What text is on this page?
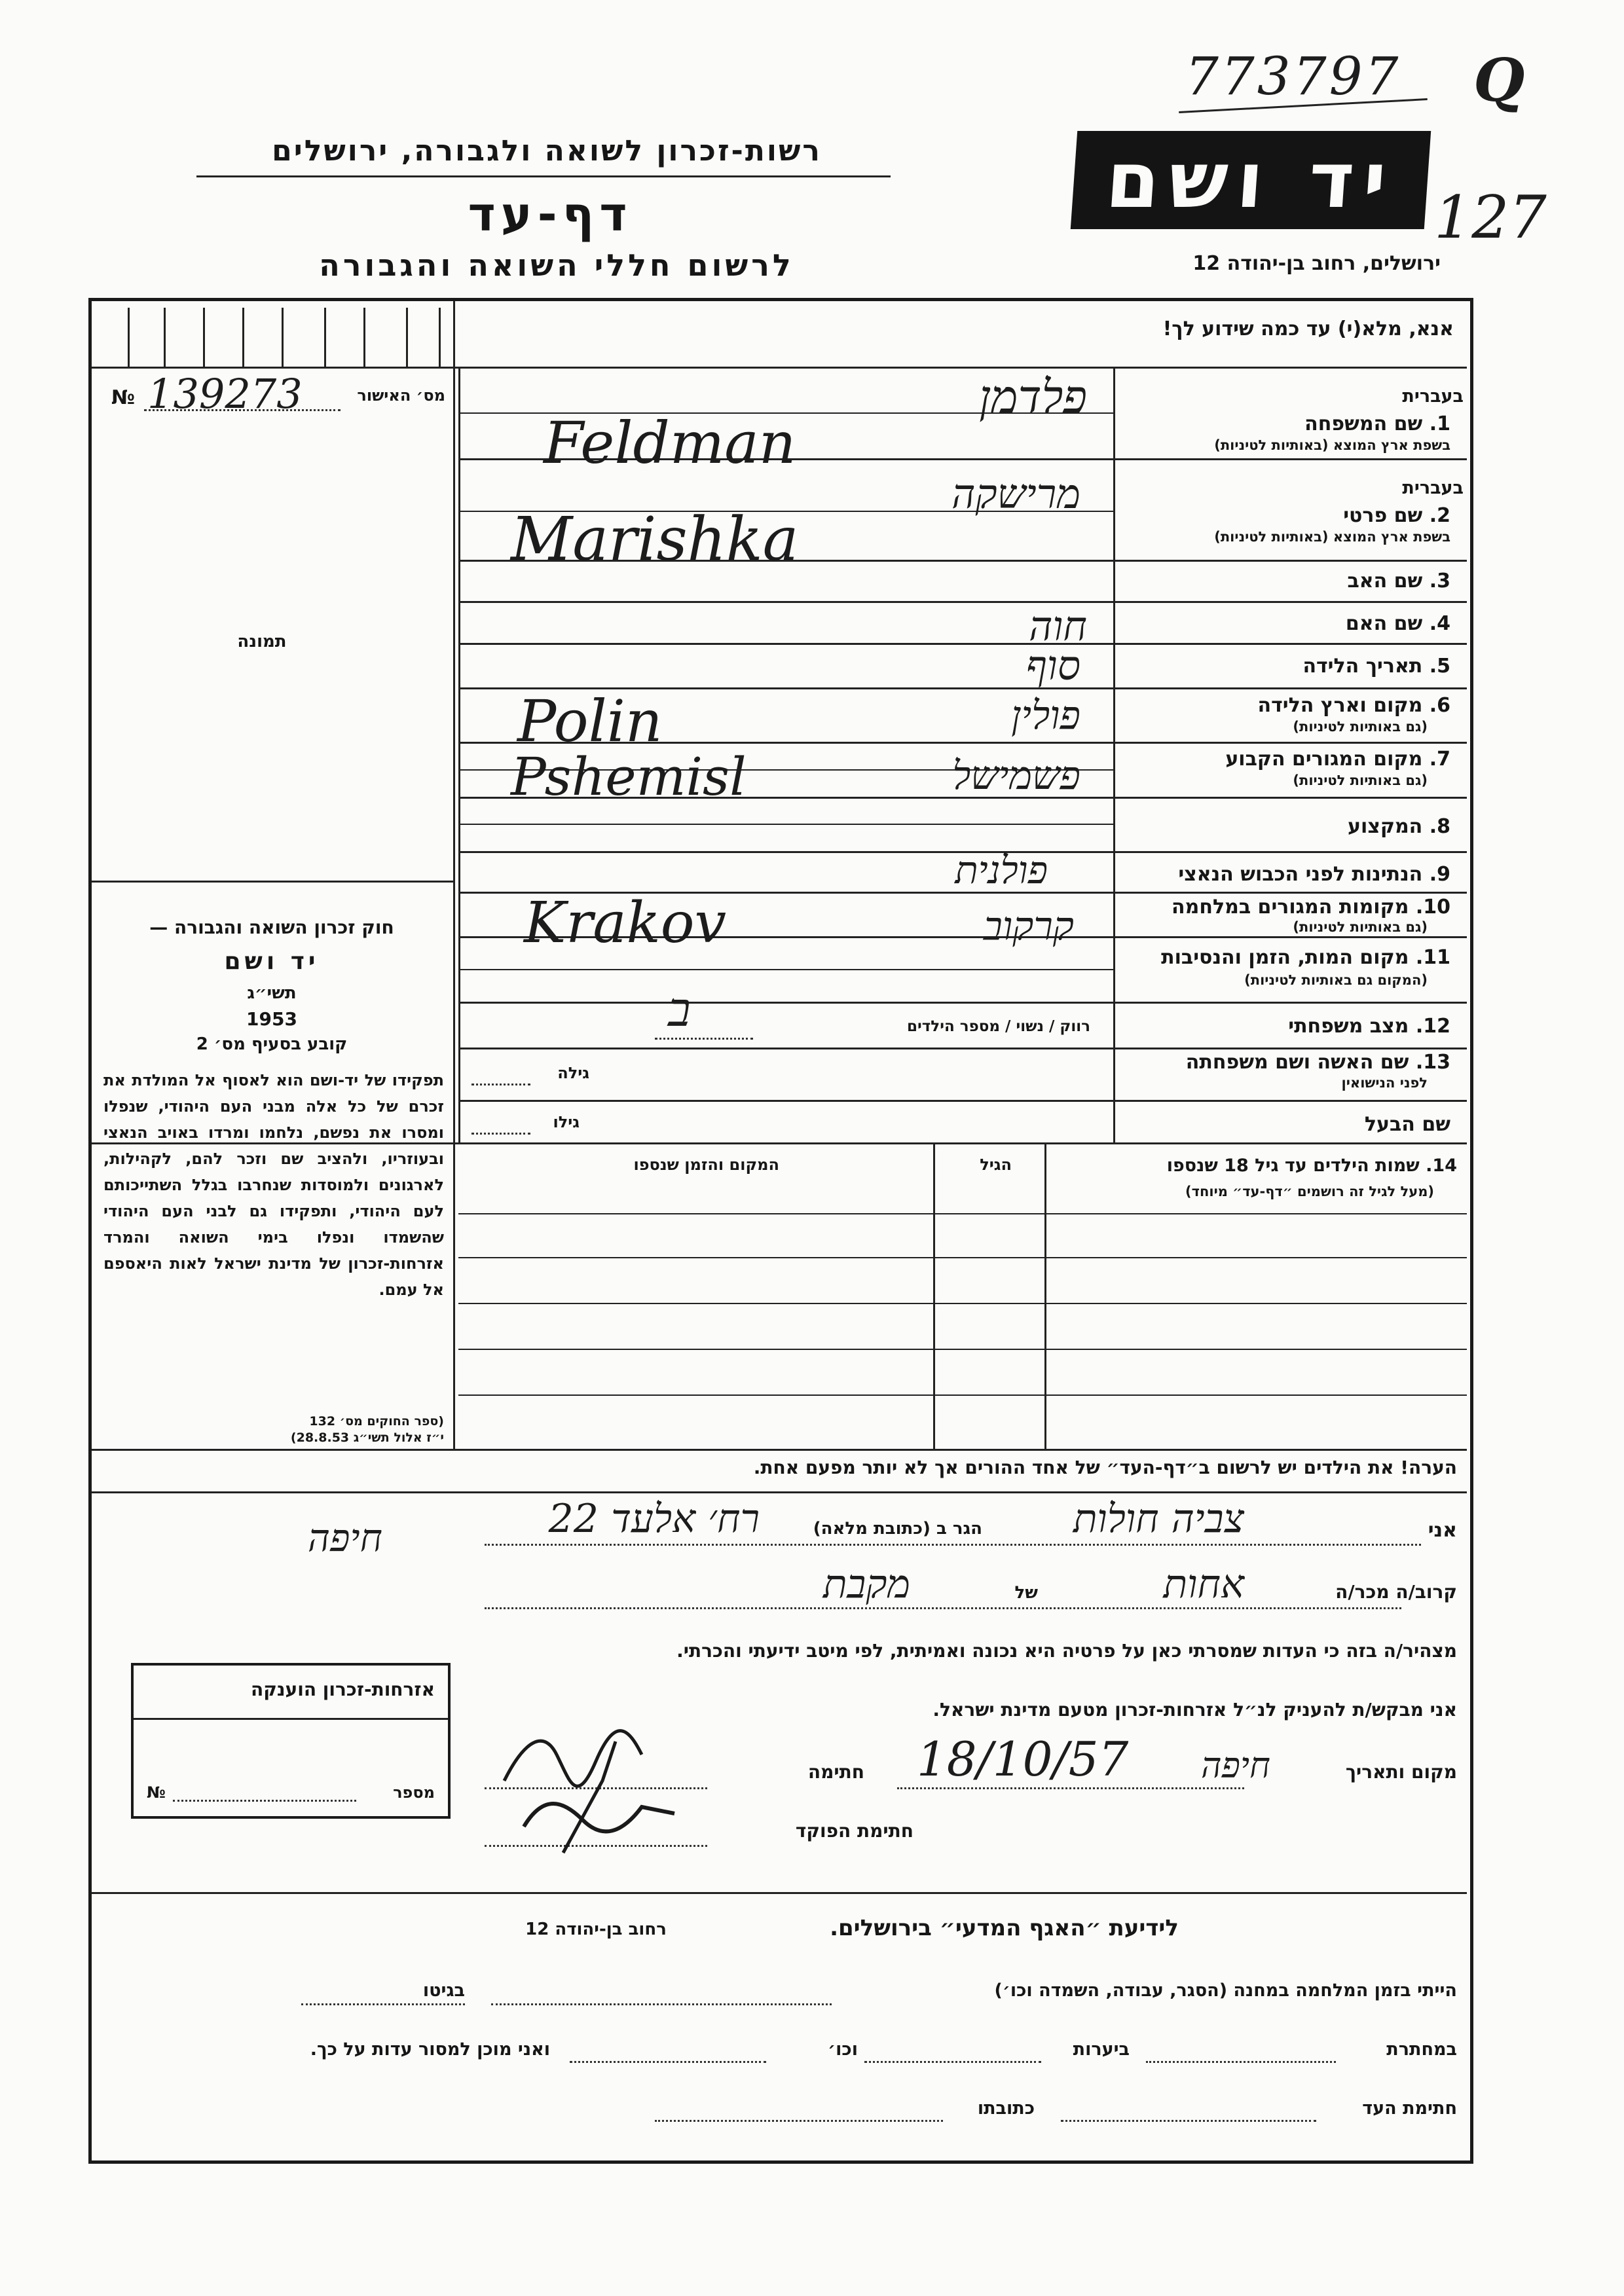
773797 Q
127
רשות-זכרון לשואה ולגבורה, ירושלים
דף-עד
לרשום חללי השואה והגבורה
יד ושם
ירושלים, רחוב בן-יהודה 12
אנא, מלא(י) עד כמה שידוע לך!
№ 139273	מס׳ האישור
תמונה
בעברית
1. שם המשפחה
בשפת ארץ המוצא (באותיות לטיניות)
פלדמן
Feldman
בעברית
2. שם פרטי
בשפת ארץ המוצא (באותיות לטיניות)
מרישקה
Marishka
3. שם האב
4. שם האם
חוה
5. תאריך הלידה
סוף
6. מקום וארץ הלידה
(גם באותיות לטיניות)
פולין
Polin
7. מקום המגורים הקבוע
(גם באותיות לטיניות)
פשמישל
Pshemisl
8. המקצוע
9. הנתינות לפני הכבוש הנאצי
פולנית
10. מקומות המגורים במלחמה
(גם באותיות לטיניות)
קרקוב
Krakov
11. מקום המות, הזמן והנסיבות
(המקום גם באותיות לטיניות)
12. מצב משפחתי
רווק / נשוי / מספר הילדים
ב
13. שם האשה ושם משפחתה
לפני הנישואין
גילה
שם הבעל
גילו
14. שמות הילדים עד גיל 18 שנספו
(מעל לגיל זה רושמים ״דף-עד״ מיוחד)
הגיל
המקום והזמן שנספו
חוק זכרון השואה והגבורה —
יד ושם
תשי״ג
1953
קובע בסעיף מס׳ 2
תפקידו של יד-ושם הוא לאסוף אל המולדת את זכרם של כל אלה מבני העם היהודי, שנפלו ומסרו את נפשם, נלחמו ומרדו באויב הנאצי ובעוזריו, ולהציב שם וזכר להם, לקהילות, לארגונים ולמוסדות שנחרבו בגלל השתייכותם לעם היהודי, ותפקידו גם לבני העם היהודי שהשמדו ונפלו בימי השואה והמרד אזרחות-זכרון של מדינת ישראל לאות היאספם אל עמם.
(ספר החוקים מס׳ 132
י״ז אלול תשי״ג 28.8.53)
הערה! את הילדים יש לרשום ב״דף-העד״ של אחד ההורים אך לא יותר מפעם אחת.
חיפה	אני
צביה חולות
הגר ב (כתובת מלאה)
רח׳ אלעד 22
קרוב/ה מכר/ה
אחות
של
מקבת
מצהיר/ה בזה כי העדות שמסרתי כאן על פרטיה היא נכונה ואמיתית, לפי מיטב ידיעתי והכרתי.
אני מבקש/ת להעניק לנ״ל אזרחות-זכרון מטעם מדינת ישראל.
מקום ותאריך
חיפה
18/10/57
חתימה
חתימת הפוקד
אזרחות-זכרון הוענקה
מספר
№
לידיעת ״האגף המדעי״ בירושלים.
רחוב בן-יהודה 12
הייתי בזמן המלחמה במחנה (הסגר, עבודה, השמדה וכו׳)
בגיטו
במחתרת
ביערות
וכו׳
ואני מוכן למסור עדות על כך.
חתימת העד
כתובתו
